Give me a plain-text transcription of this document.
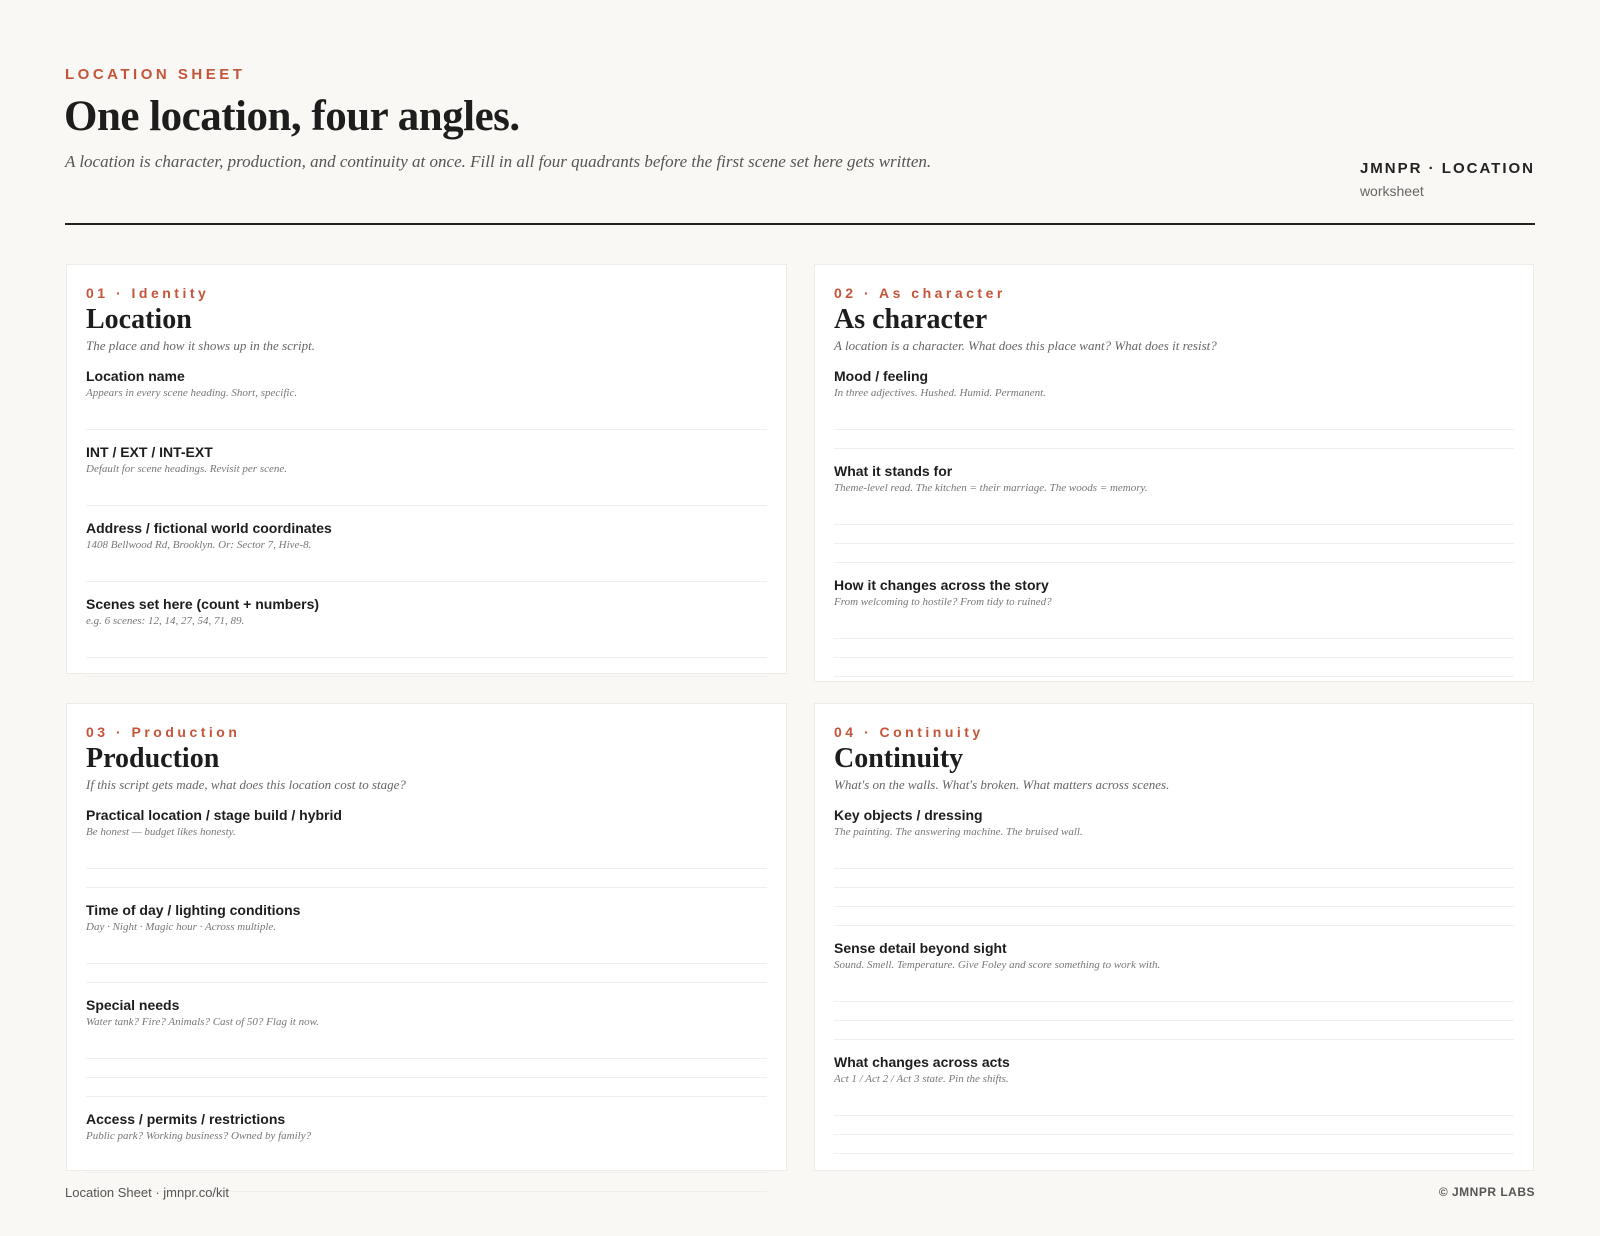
LOCATION SHEET
One location, four angles.
A location is character, production, and continuity at once. Fill in all four quadrants before the first scene set here gets written.	JMNPR · LOCATION
worksheet
01 · Identity
Location
The place and how it shows up in the script.
Location name
Appears in every scene heading. Short, specific.
INT / EXT / INT-EXT
Default for scene headings. Revisit per scene.
Address / fictional world coordinates
1408 Bellwood Rd, Brooklyn. Or: Sector 7, Hive-8.
Scenes set here (count + numbers)
e.g. 6 scenes: 12, 14, 27, 54, 71, 89.
02 · As character
As character
A location is a character. What does this place want? What does it resist?
Mood / feeling
In three adjectives. Hushed. Humid. Permanent.
What it stands for
Theme-level read. The kitchen = their marriage. The woods = memory.
How it changes across the story
From welcoming to hostile? From tidy to ruined?
03 · Production
Production
If this script gets made, what does this location cost to stage?
Practical location / stage build / hybrid
Be honest — budget likes honesty.
Time of day / lighting conditions
Day · Night · Magic hour · Across multiple.
Special needs
Water tank? Fire? Animals? Cast of 50? Flag it now.
Access / permits / restrictions
Public park? Working business? Owned by family?
04 · Continuity
Continuity
What's on the walls. What's broken. What matters across scenes.
Key objects / dressing
The painting. The answering machine. The bruised wall.
Sense detail beyond sight
Sound. Smell. Temperature. Give Foley and score something to work with.
What changes across acts
Act 1 / Act 2 / Act 3 state. Pin the shifts.
Location Sheet · jmnpr.co/kit	© JMNPR LABS
